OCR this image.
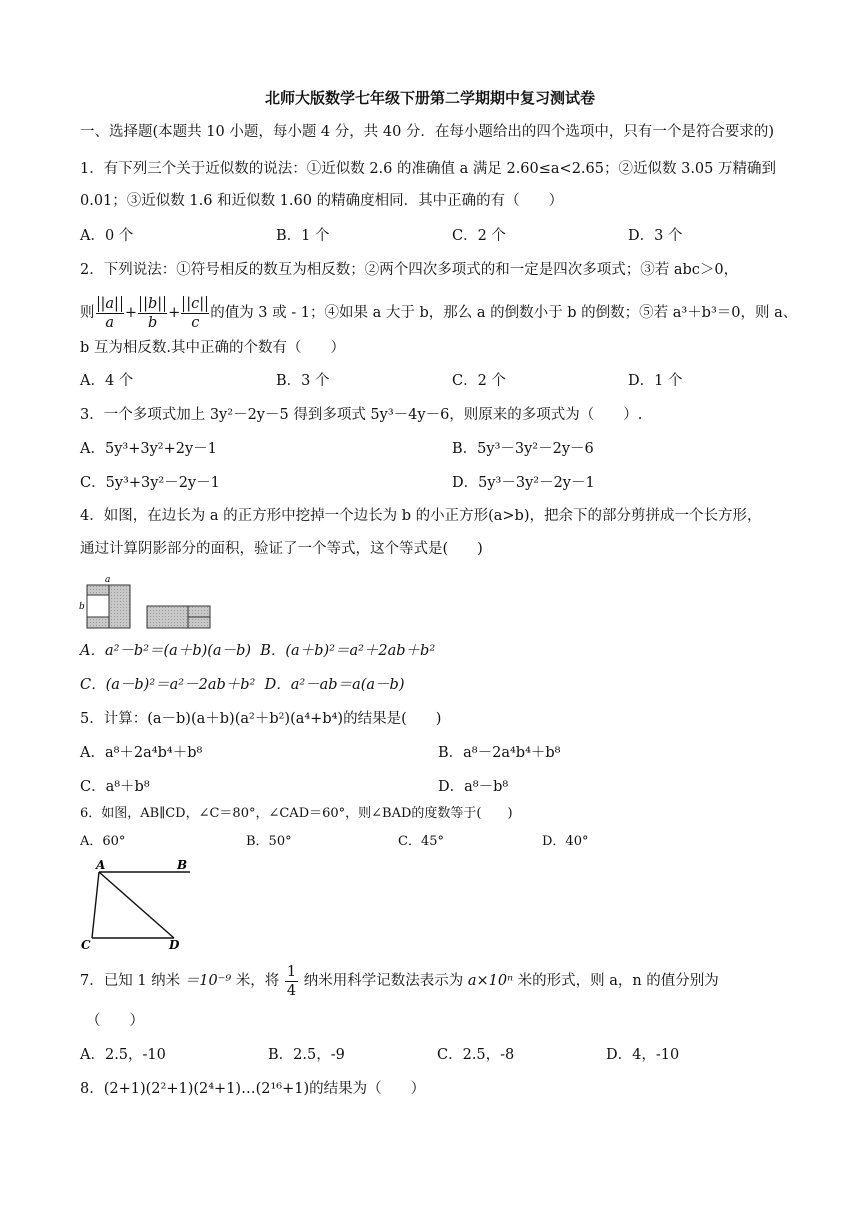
北师大版数学七年级下册第二学期期中复习测试卷
一、选择题(本题共 10 小题，每小题 4 分，共 40 分．在每小题给出的四个选项中，只有一个是符合要求的)
1．有下列三个关于近似数的说法：①近似数 2.6 的准确值 a 满足 2.60≤a<2.65；②近似数 3.05 万精确到
0.01；③近似数 1.6 和近似数 1.60 的精确度相同．其中正确的有（　　）
A．0 个	B．1 个	C．2 个	D．3 个
2．下列说法：①符号相反的数互为相反数；②两个四次多项式的和一定是四次多项式；③若 abc＞0，
则 $\frac{|a|}{a} + \frac{|b|}{b} + \frac{|c|}{c}$ 的值为 3 或 - 1；④如果 a 大于 b，那么 a 的倒数小于 b 的倒数；⑤若 a³＋b³＝0，则 a、
b 互为相反数.其中正确的个数有（　　）
A．4 个	B．3 个	C．2 个	D．1 个
3．一个多项式加上 3y²－2y－5 得到多项式 5y³－4y－6，则原来的多项式为（　　）.
A．5y³+3y²+2y－1	B．5y³－3y²－2y－6
C．5y³+3y²－2y－1	D．5y³－3y²－2y－1
4．如图，在边长为 a 的正方形中挖掉一个边长为 b 的小正方形(a>b)，把余下的部分剪拼成一个长方形，
通过计算阴影部分的面积，验证了一个等式，这个等式是(　　)
a
b
A．a²－b²＝(a＋b)(a－b) B．(a＋b)²＝a²＋2ab＋b²
C．(a－b)²＝a²－2ab＋b² D．a²－ab＝a(a－b)
5．计算：(a－b)(a＋b)(a²＋b²)(a⁴+b⁴)的结果是(　　)
A．a⁸＋2a⁴b⁴＋b⁸	B．a⁸－2a⁴b⁴＋b⁸
C．a⁸＋b⁸	D．a⁸－b⁸
6．如图，AB∥CD，∠C＝80°，∠CAD＝60°，则∠BAD的度数等于(　　)
A．60°	B．50°	C．45°	D．40°
A	B
C	D
7．已知 1 纳米 ＝10⁻⁹ 米，将 $\frac{1}{4}$ 纳米用科学记数法表示为 a×10ⁿ 米的形式，则 a，n 的值分别为
（　　）
A．2.5，-10	B．2.5，-9	C．2.5，-8	D．4，-10
8．(2+1)(2²+1)(2⁴+1)…(2¹⁶+1)的结果为（　　）
